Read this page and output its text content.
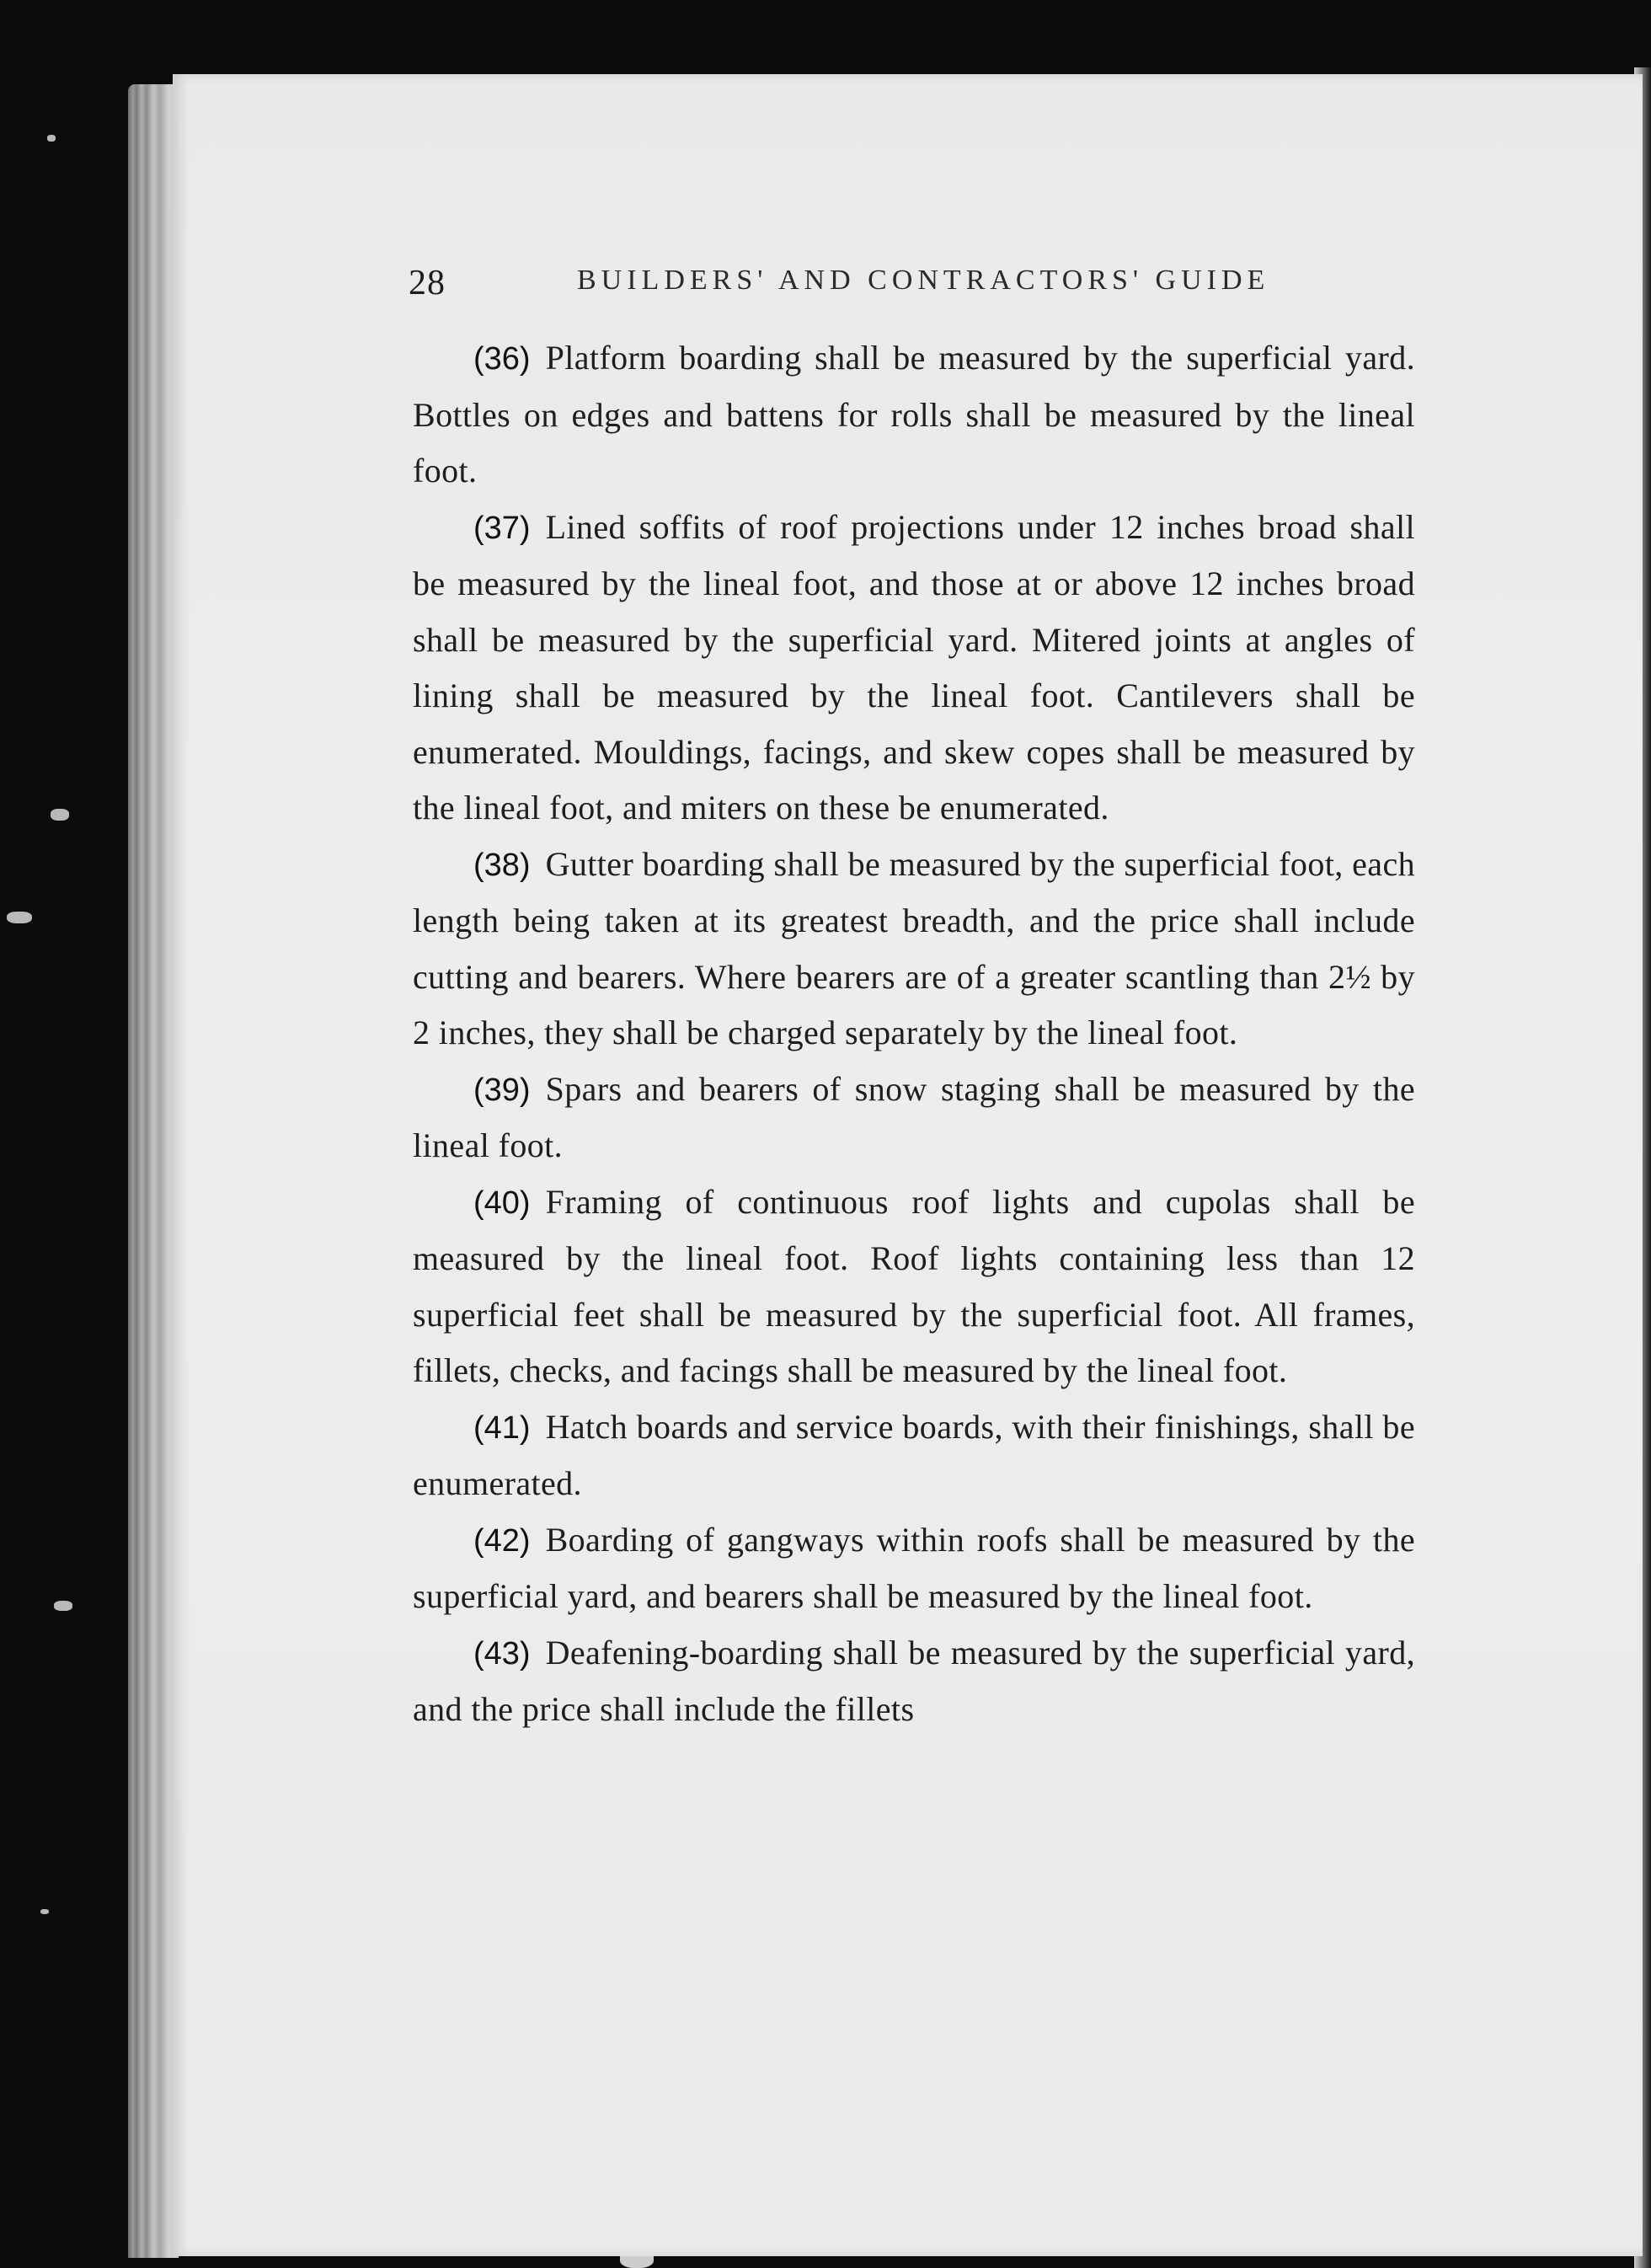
28	BUILDERS' AND CONTRACTORS' GUIDE

(36) Platform boarding shall be measured by the superficial yard. Bottles on edges and battens for rolls shall be measured by the lineal foot.

(37) Lined soffits of roof projections under 12 inches broad shall be measured by the lineal foot, and those at or above 12 inches broad shall be measured by the superficial yard. Mitered joints at angles of lining shall be measured by the lineal foot. Cantilevers shall be enumerated. Mouldings, facings, and skew copes shall be measured by the lineal foot, and miters on these be enumerated.

(38) Gutter boarding shall be measured by the superficial foot, each length being taken at its greatest breadth, and the price shall include cutting and bearers. Where bearers are of a greater scantling than 2½ by 2 inches, they shall be charged separately by the lineal foot.

(39) Spars and bearers of snow staging shall be measured by the lineal foot.

(40) Framing of continuous roof lights and cupolas shall be measured by the lineal foot. Roof lights containing less than 12 superficial feet shall be measured by the superficial foot. All frames, fillets, checks, and facings shall be measured by the lineal foot.

(41) Hatch boards and service boards, with their finishings, shall be enumerated.

(42) Boarding of gangways within roofs shall be measured by the superficial yard, and bearers shall be measured by the lineal foot.

(43) Deafening-boarding shall be measured by the superficial yard, and the price shall include the fillets
